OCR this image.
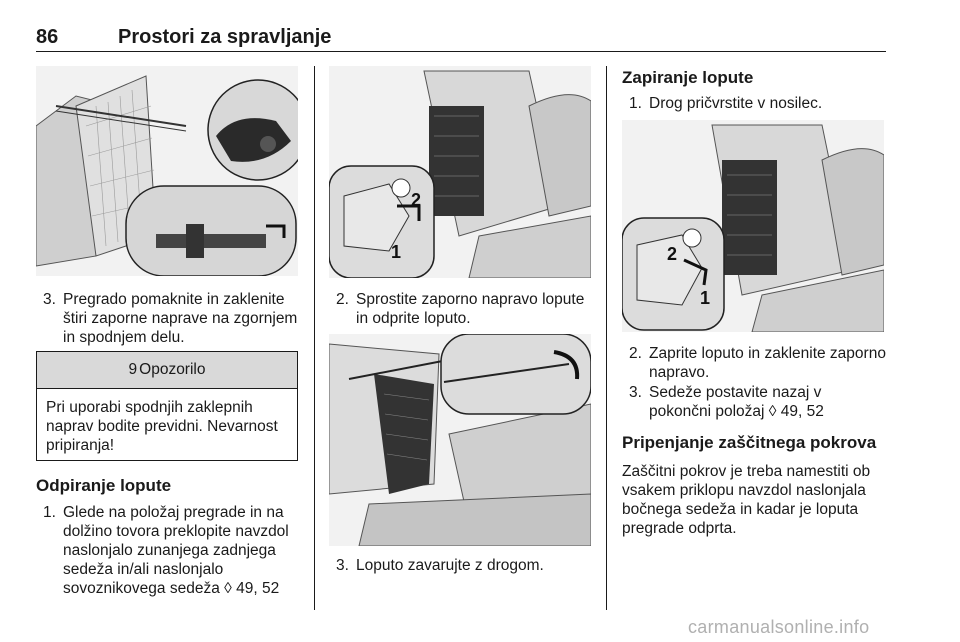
86	Prostori za spravljanje
3. Pregrado pomaknite in zaklenite štiri zaporne naprave na zgornjem in spodnjem delu.
9 Opozorilo
Pri uporabi spodnjih zaklepnih naprav bodite previdni. Nevarnost pripiranja!
Odpiranje lopute
1. Glede na položaj pregrade in na dolžino tovora preklopite navzdol naslonjalo zunanjega zadnjega sedeža in/ali naslonjalo sovoznikovega sedeža ◊ 49, 52
2
1
2. Sprostite zaporno napravo lopute in odprite loputo.
3. Loputo zavarujte z drogom.
Zapiranje lopute
1. Drog pričvrstite v nosilec.
2
1
2. Zaprite loputo in zaklenite zaporno napravo.
3. Sedeže postavite nazaj v pokončni položaj ◊ 49, 52
Pripenjanje zaščitnega pokrova
Zaščitni pokrov je treba namestiti ob vsakem priklopu navzdol naslonjala bočnega sedeža in kadar je loputa pregrade odprta.
carmanualsonline.info
